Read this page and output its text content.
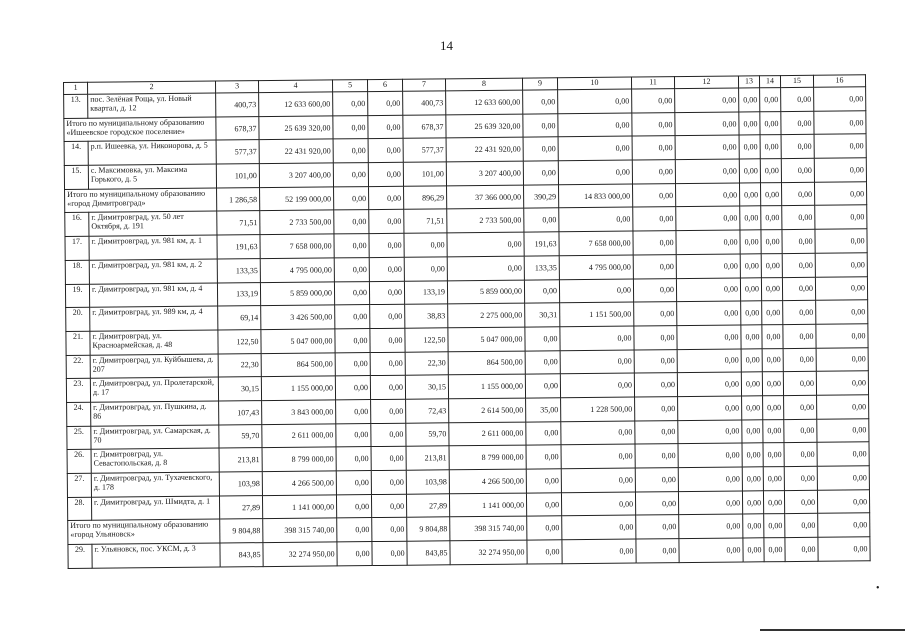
14
1	2	3	4	5	6	7	8	9	10	11	12	13	14	15	16
13.	пос. Зелёная Роща, ул. Новый квартал, д. 12	400,73	12 633 600,00	0,00	0,00	400,73	12 633 600,00	0,00	0,00	0,00	0,00	0,00	0,00	0,00	0,00
Итого по муниципальному образованию «Ишеевское городское поселение»		678,37	25 639 320,00	0,00	0,00	678,37	25 639 320,00	0,00	0,00	0,00	0,00	0,00	0,00	0,00	0,00
14.	р.п. Ишеевка, ул. Никонорова, д. 5	577,37	22 431 920,00	0,00	0,00	577,37	22 431 920,00	0,00	0,00	0,00	0,00	0,00	0,00	0,00	0,00
15.	с. Максимовка, ул. Максима Горького, д. 5	101,00	3 207 400,00	0,00	0,00	101,00	3 207 400,00	0,00	0,00	0,00	0,00	0,00	0,00	0,00	0,00
Итого по муниципальному образованию «город Димитровград»		1 286,58	52 199 000,00	0,00	0,00	896,29	37 366 000,00	390,29	14 833 000,00	0,00	0,00	0,00	0,00	0,00	0,00
16.	г. Димитровград, ул. 50 лет Октября, д. 191	71,51	2 733 500,00	0,00	0,00	71,51	2 733 500,00	0,00	0,00	0,00	0,00	0,00	0,00	0,00	0,00
17.	г. Димитровград, ул. 981 км, д. 1	191,63	7 658 000,00	0,00	0,00	0,00	0,00	191,63	7 658 000,00	0,00	0,00	0,00	0,00	0,00	0,00
18.	г. Димитровград, ул. 981 км, д. 2	133,35	4 795 000,00	0,00	0,00	0,00	0,00	133,35	4 795 000,00	0,00	0,00	0,00	0,00	0,00	0,00
19.	г. Димитровград, ул. 981 км, д. 4	133,19	5 859 000,00	0,00	0,00	133,19	5 859 000,00	0,00	0,00	0,00	0,00	0,00	0,00	0,00	0,00
20.	г. Димитровград, ул. 989 км, д. 4	69,14	3 426 500,00	0,00	0,00	38,83	2 275 000,00	30,31	1 151 500,00	0,00	0,00	0,00	0,00	0,00	0,00
21.	г. Димитровград, ул. Красноармейская, д. 48	122,50	5 047 000,00	0,00	0,00	122,50	5 047 000,00	0,00	0,00	0,00	0,00	0,00	0,00	0,00	0,00
22.	г. Димитровград, ул. Куйбышева, д. 207	22,30	864 500,00	0,00	0,00	22,30	864 500,00	0,00	0,00	0,00	0,00	0,00	0,00	0,00	0,00
23.	г. Димитровград, ул. Пролетарской, д. 17	30,15	1 155 000,00	0,00	0,00	30,15	1 155 000,00	0,00	0,00	0,00	0,00	0,00	0,00	0,00	0,00
24.	г. Димитровград, ул. Пушкина, д. 86	107,43	3 843 000,00	0,00	0,00	72,43	2 614 500,00	35,00	1 228 500,00	0,00	0,00	0,00	0,00	0,00	0,00
25.	г. Димитровград, ул. Самарская, д. 70	59,70	2 611 000,00	0,00	0,00	59,70	2 611 000,00	0,00	0,00	0,00	0,00	0,00	0,00	0,00	0,00
26.	г. Димитровград, ул. Севастопольская, д. 8	213,81	8 799 000,00	0,00	0,00	213,81	8 799 000,00	0,00	0,00	0,00	0,00	0,00	0,00	0,00	0,00
27.	г. Димитровград, ул. Тухачевского, д. 178	103,98	4 266 500,00	0,00	0,00	103,98	4 266 500,00	0,00	0,00	0,00	0,00	0,00	0,00	0,00	0,00
28.	г. Димитровград, ул. Шмидта, д. 1	27,89	1 141 000,00	0,00	0,00	27,89	1 141 000,00	0,00	0,00	0,00	0,00	0,00	0,00	0,00	0,00
Итого по муниципальному образованию «город Ульяновск»		9 804,88	398 315 740,00	0,00	0,00	9 804,88	398 315 740,00	0,00	0,00	0,00	0,00	0,00	0,00	0,00	0,00
29.	г. Ульяновск, пос. УКСМ, д. 3	843,85	32 274 950,00	0,00	0,00	843,85	32 274 950,00	0,00	0,00	0,00	0,00	0,00	0,00	0,00	0,00
•
